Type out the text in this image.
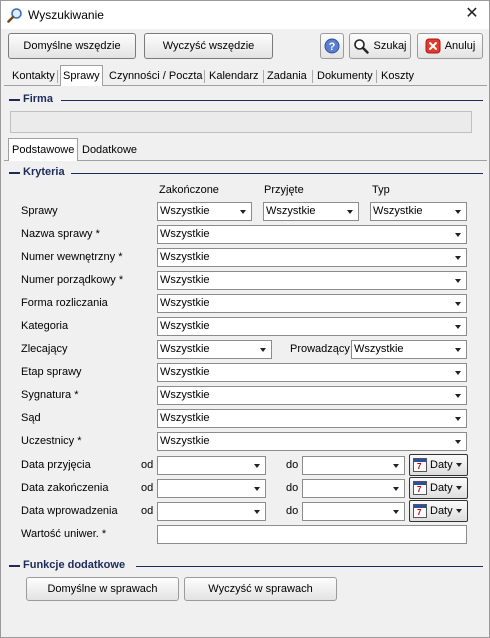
Wyszukiwanie	✕
Domyślne wszędzie	Wyczyść wszędzie	?	Szukaj	Anuluj
Kontakty Sprawy Czynności / Poczta Kalendarz Zadania Dokumenty Koszty
Firma
Podstawowe Dodatkowe
Kryteria
Zakończone	Przyjęte	Typ
Sprawy	Wszystkie	Wszystkie	Wszystkie
Nazwa sprawy *	Wszystkie
Numer wewnętrzny *	Wszystkie
Numer porządkowy *	Wszystkie
Forma rozliczania	Wszystkie
Kategoria	Wszystkie
Zlecający	Wszystkie	Prowadzący Wszystkie
Etap sprawy	Wszystkie
Sygnatura *	Wszystkie
Sąd	Wszystkie
Uczestnicy *	Wszystkie
Data przyjęcia	od	do 7	Daty
Data zakończenia	od	do 7	Daty
Data wprowadzenia od	do 7	Daty
Wartość uniwer. *
Funkcje dodatkowe
Domyślne w sprawach	Wyczyść w sprawach
